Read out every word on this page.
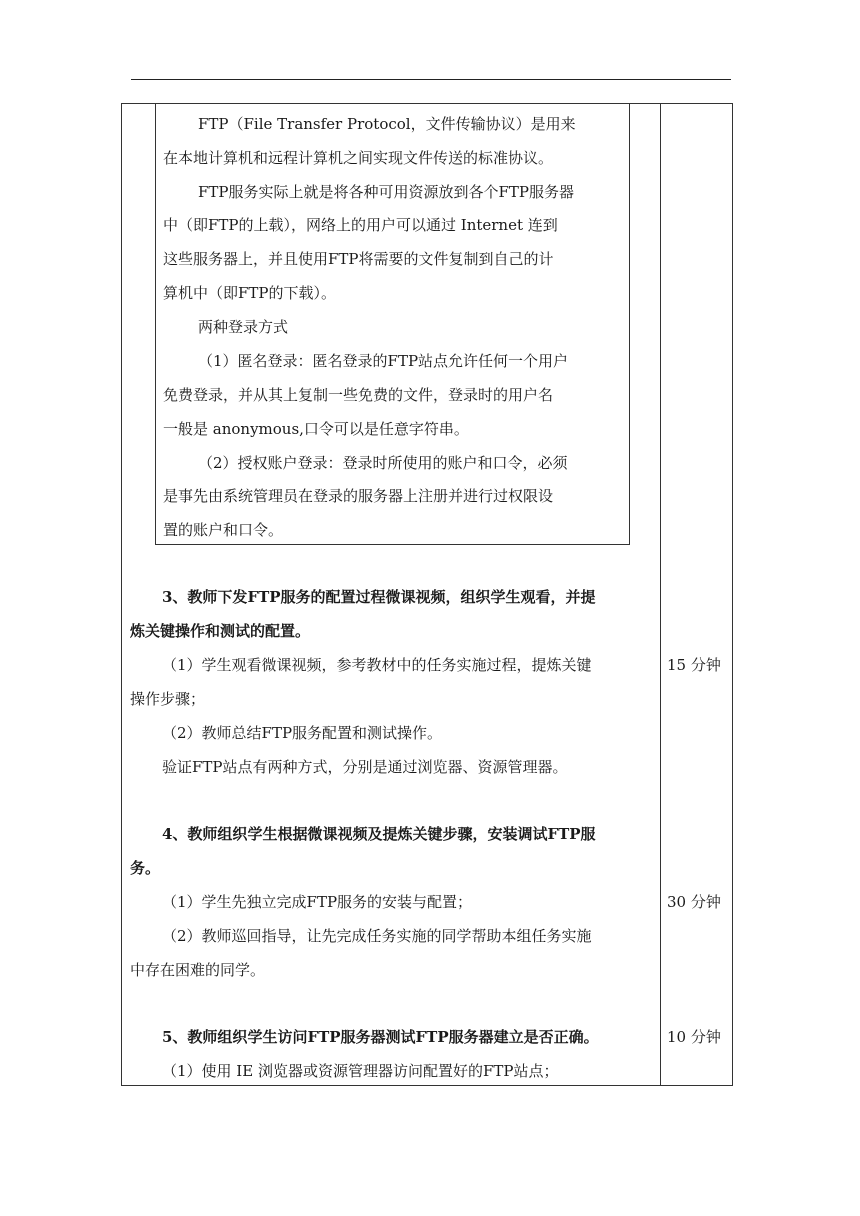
FTP（File Transfer Protocol，文件传输协议）是用来
在本地计算机和远程计算机之间实现文件传送的标准协议。
FTP服务实际上就是将各种可用资源放到各个FTP服务器
中（即FTP的上载），网络上的用户可以通过 Internet 连到
这些服务器上，并且使用FTP将需要的文件复制到自己的计
算机中（即FTP的下载）。
两种登录方式
（1）匿名登录：匿名登录的FTP站点允许任何一个用户
免费登录，并从其上复制一些免费的文件，登录时的用户名
一般是 anonymous,口令可以是任意字符串。
（2）授权账户登录：登录时所使用的账户和口令，必须
是事先由系统管理员在登录的服务器上注册并进行过权限设
置的账户和口令。
3、教师下发FTP服务的配置过程微课视频，组织学生观看，并提
炼关键操作和测试的配置。
（1）学生观看微课视频，参考教材中的任务实施过程，提炼关键
操作步骤；
（2）教师总结FTP服务配置和测试操作。
验证FTP站点有两种方式，分别是通过浏览器、资源管理器。
15 分钟
4、教师组织学生根据微课视频及提炼关键步骤，安装调试FTP服
务。
（1）学生先独立完成FTP服务的安装与配置；
（2）教师巡回指导，让先完成任务实施的同学帮助本组任务实施
中存在困难的同学。
30 分钟
5、教师组织学生访问FTP服务器测试FTP服务器建立是否正确。
（1）使用 IE 浏览器或资源管理器访问配置好的FTP站点；
10 分钟
